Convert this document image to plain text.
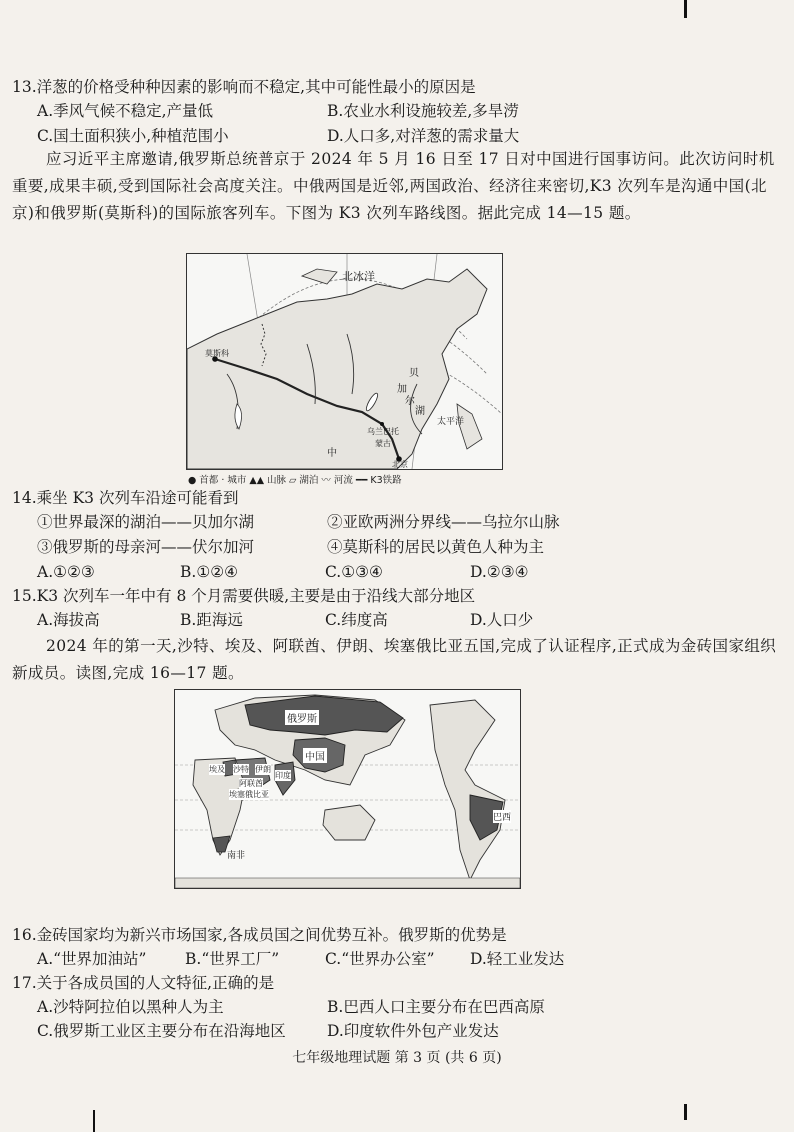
13.洋葱的价格受种种因素的影响而不稳定,其中可能性最小的原因是
A.季风气候不稳定,产量低	B.农业水利设施较差,多旱涝
C.国土面积狭小,种植范围小	D.人口多,对洋葱的需求量大
应习近平主席邀请,俄罗斯总统普京于 2024 年 5 月 16 日至 17 日对中国进行国事访问。此次访问时机重要,成果丰硕,受到国际社会高度关注。中俄两国是近邻,两国政治、经济往来密切,K3 次列车是沟通中国(北京)和俄罗斯(莫斯科)的国际旅客列车。下图为 K3 次列车路线图。据此完成 14—15 题。
北冰洋
莫斯科
贝
加
尔
湖
乌兰巴托
蒙古
中
北京
太平洋
● 首都 · 城市 ▲▲ 山脉 ▱ 湖泊 〰 河流 ━━ K3铁路
14.乘坐 K3 次列车沿途可能看到
①世界最深的湖泊——贝加尔湖	②亚欧两洲分界线——乌拉尔山脉
③俄罗斯的母亲河——伏尔加河	④莫斯科的居民以黄色人种为主
A.①②③	B.①②④	C.①③④	D.②③④
15.K3 次列车一年中有 8 个月需要供暖,主要是由于沿线大部分地区
A.海拔高	B.距海远	C.纬度高	D.人口少
2024 年的第一天,沙特、埃及、阿联酋、伊朗、埃塞俄比亚五国,完成了认证程序,正式成为金砖国家组织新成员。读图,完成 16—17 题。
俄罗斯
中国
印度
埃及 沙特 伊朗
阿联酋
埃塞俄比亚
南非
巴西
16.金砖国家均为新兴市场国家,各成员国之间优势互补。俄罗斯的优势是
A.“世界加油站” B.“世界工厂”	C.“世界办公室” D.轻工业发达
17.关于各成员国的人文特征,正确的是
A.沙特阿拉伯以黑种人为主	B.巴西人口主要分布在巴西高原
C.俄罗斯工业区主要分布在沿海地区	D.印度软件外包产业发达
七年级地理试题 第 3 页 (共 6 页)
